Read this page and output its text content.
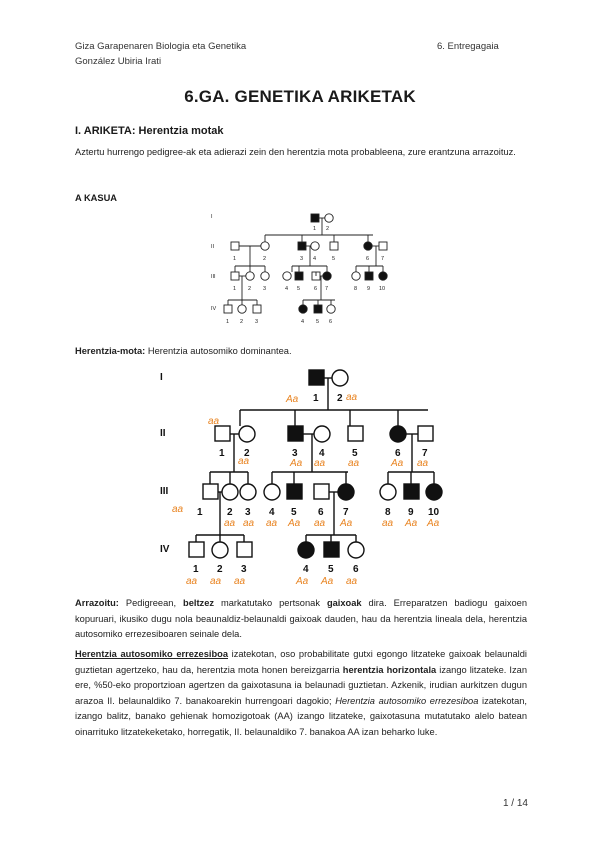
Giza Garapenaren Biologia eta Genetika
González Ubiria Irati
6. Entregagaia
6.GA. GENETIKA ARIKETAK
I. ARIKETA: Herentzia motak
Aztertu hurrengo pedigree-ak eta adierazi zein den herentzia mota probableena, zure erantzuna arrazoituz.
A KASUA
I
II
III
IV
1 2
1	2	3 4	5	6 7
1 2 3	4 5	6 7	8 9 10
1 2 3	4 5 6
Herentzia-mota: Herentzia autosomiko dominantea.
I
II
III
IV
1 2
1 2	3 4	5	6 7
1 2 3 4 5 6 7	8 9 10
1 2 3	4 5 6
Aa	aa
aa
aa	Aa aa aa	Aa aa
aa
aa aa aa Aa aa Aa	aa Aa Aa
aa aa aa	Aa Aa aa
Arrazoitu: Pedigreean, beltzez markatutako pertsonak gaixoak dira. Erreparatzen badiogu gaixoen kopuruari, ikusiko dugu nola beaunaldiz-belaunaldi gaixoak dauden, hau da herentzia lineala dela, herentzia autosomiko errezesiboaren seinale dela.
Herentzia autosomiko errezesiboa izatekotan, oso probabilitate gutxi egongo litzateke gaixoak belaunaldi guztietan agertzeko, hau da, herentzia mota honen bereizgarria herentzia horizontala izango litzateke. Izan ere, %50-eko proportzioan agertzen da gaixotasuna ia belaunadi guztietan. Azkenik, irudian aurkitzen dugun arazoa II. belaunaldiko 7. banakoarekin hurrengoari dagokio; Herentzia autosomiko errezesiboa izatekotan, izango balitz, banako gehienak homozigotoak (AA) izango litzateke, gaixotasuna mutatutako alelo batean oinarrituko litzatekeketako, horregatik, II. belaunaldiko 7. banakoa AA izan beharko luke.
1 / 14
